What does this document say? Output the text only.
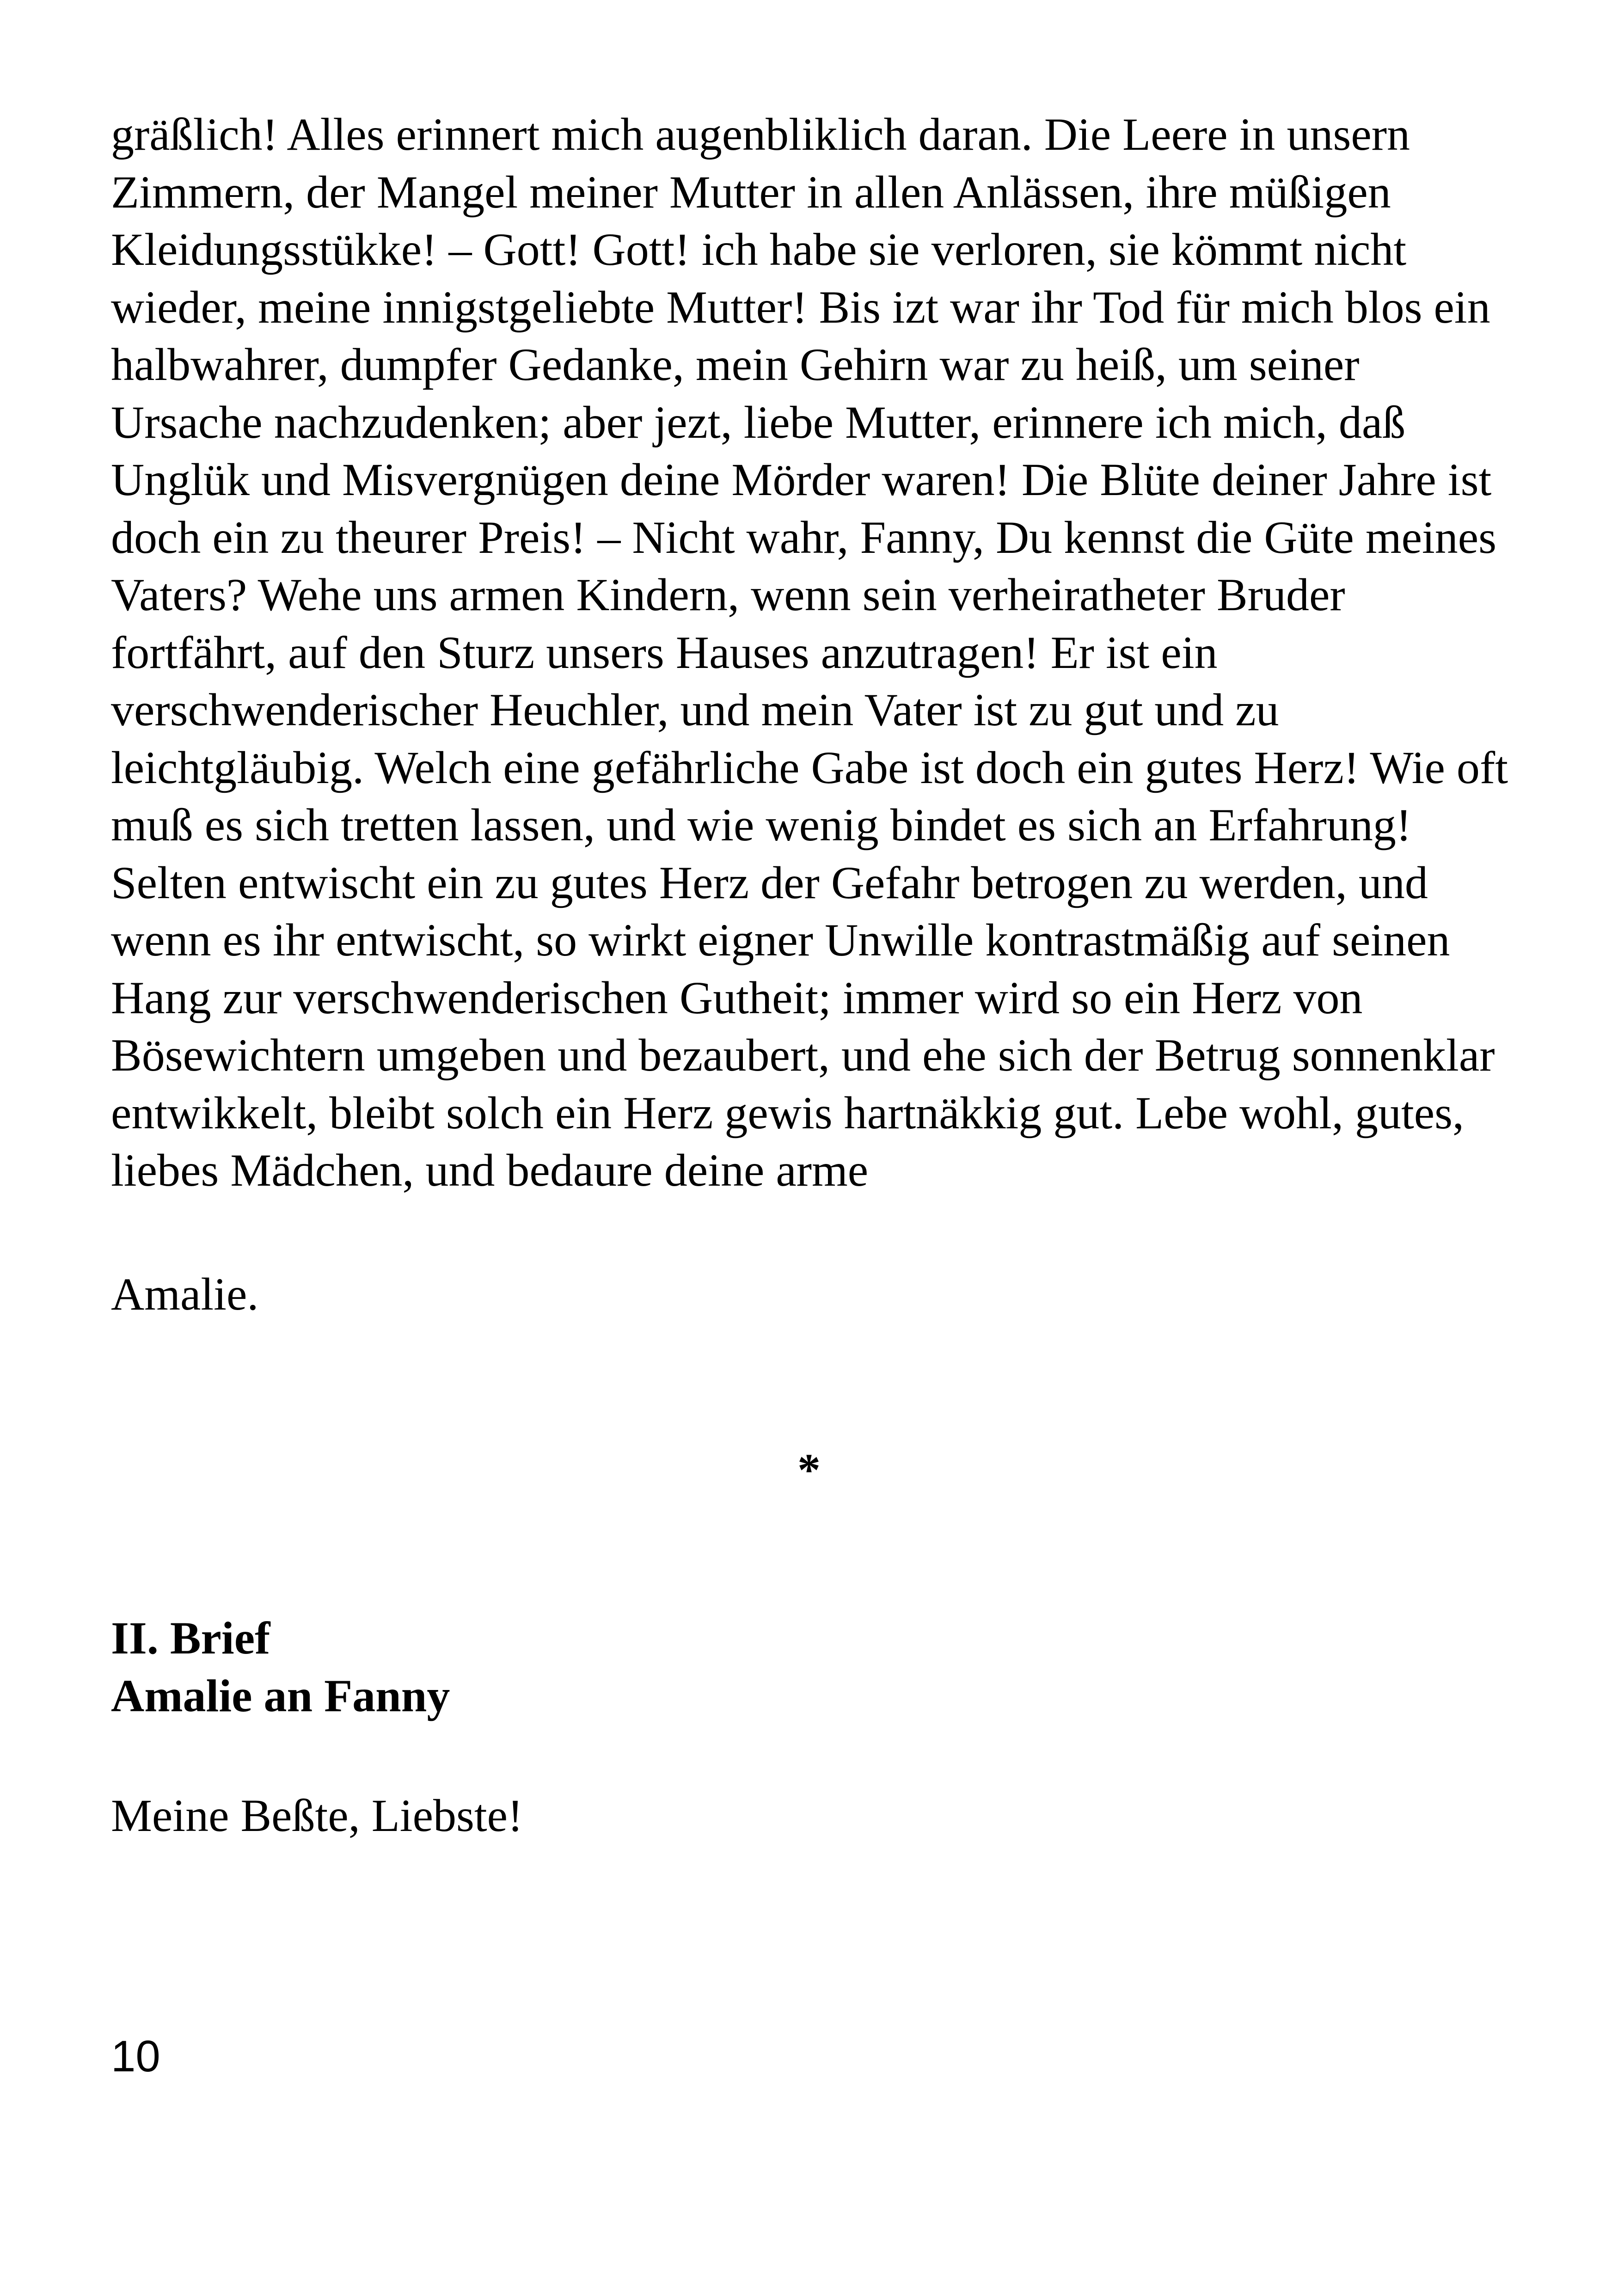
gräßlich! Alles erinnert mich augenbliklich daran. Die Leere in unsern
Zimmern, der Mangel meiner Mutter in allen Anlässen, ihre müßigen
Kleidungsstükke! – Gott! Gott! ich habe sie verloren, sie kömmt nicht
wieder, meine innigstgeliebte Mutter! Bis izt war ihr Tod für mich blos ein
halbwahrer, dumpfer Gedanke, mein Gehirn war zu heiß, um seiner
Ursache nachzudenken; aber jezt, liebe Mutter, erinnere ich mich, daß
Unglük und Misvergnügen deine Mörder waren! Die Blüte deiner Jahre ist
doch ein zu theurer Preis! – Nicht wahr, Fanny, Du kennst die Güte meines
Vaters? Wehe uns armen Kindern, wenn sein verheiratheter Bruder
fortfährt, auf den Sturz unsers Hauses anzutragen! Er ist ein
verschwenderischer Heuchler, und mein Vater ist zu gut und zu
leichtgläubig. Welch eine gefährliche Gabe ist doch ein gutes Herz! Wie oft
muß es sich tretten lassen, und wie wenig bindet es sich an Erfahrung!
Selten entwischt ein zu gutes Herz der Gefahr betrogen zu werden, und
wenn es ihr entwischt, so wirkt eigner Unwille kontrastmäßig auf seinen
Hang zur verschwenderischen Gutheit; immer wird so ein Herz von
Bösewichtern umgeben und bezaubert, und ehe sich der Betrug sonnenklar
entwikkelt, bleibt solch ein Herz gewis hartnäkkig gut. Lebe wohl, gutes,
liebes Mädchen, und bedaure deine arme

Amalie.

*

II. Brief
Amalie an Fanny

Meine Beßte, Liebste!

10
